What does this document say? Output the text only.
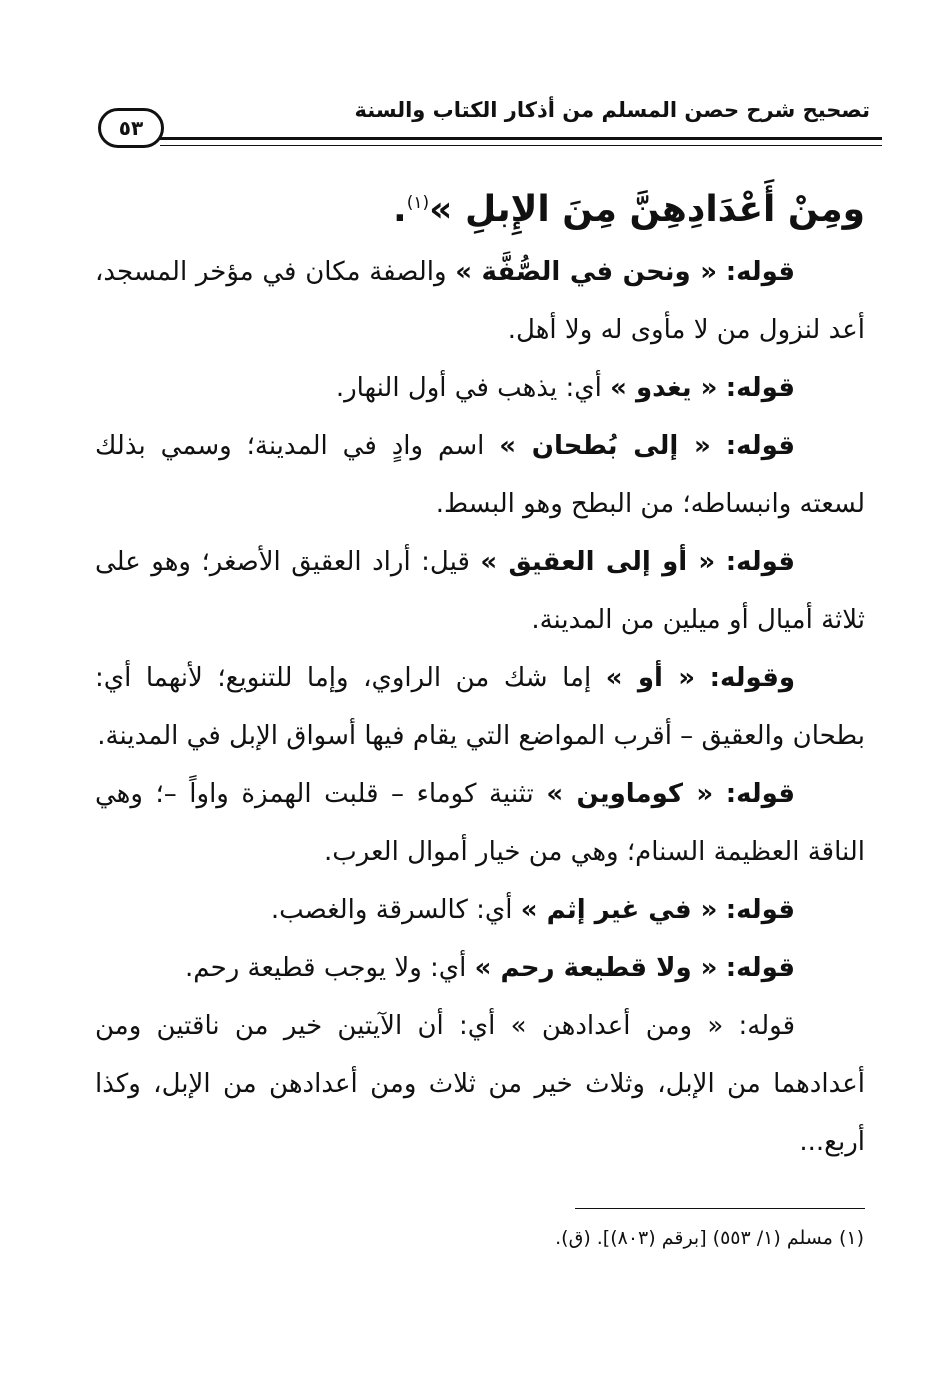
تصحيح شرح حصن المسلم من أذكار الكتاب والسنة
٥٣

ومِنْ أَعْدَادِهِنَّ مِنَ الإِبلِ »$^{(١)}$.

قوله: « ونحن في الصُّفَّة » والصفة مكان في مؤخر المسجد، أعد لنزول من لا مأوى له ولا أهل.

قوله: « يغدو » أي: يذهب في أول النهار.

قوله: « إلى بُطحان » اسم وادٍ في المدينة؛ وسمي بذلك لسعته وانبساطه؛ من البطح وهو البسط.

قوله: « أو إلى العقيق » قيل: أراد العقيق الأصغر؛ وهو على ثلاثة أميال أو ميلين من المدينة.

وقوله: « أو » إما شك من الراوي، وإما للتنويع؛ لأنهما أي: بطحان والعقيق – أقرب المواضع التي يقام فيها أسواق الإبل في المدينة.

قوله: « كوماوين » تثنية كوماء – قلبت الهمزة واواً –؛ وهي الناقة العظيمة السنام؛ وهي من خيار أموال العرب.

قوله: « في غير إثم » أي: كالسرقة والغصب.

قوله: « ولا قطيعة رحم » أي: ولا يوجب قطيعة رحم.

قوله: « ومن أعدادهن » أي: أن الآيتين خير من ناقتين ومن أعدادهما من الإبل، وثلاث خير من ثلاث ومن أعدادهن من الإبل، وكذا أربع...

(١) مسلم (١/ ٥٥٣) [برقم (٨٠٣)]. (ق).
